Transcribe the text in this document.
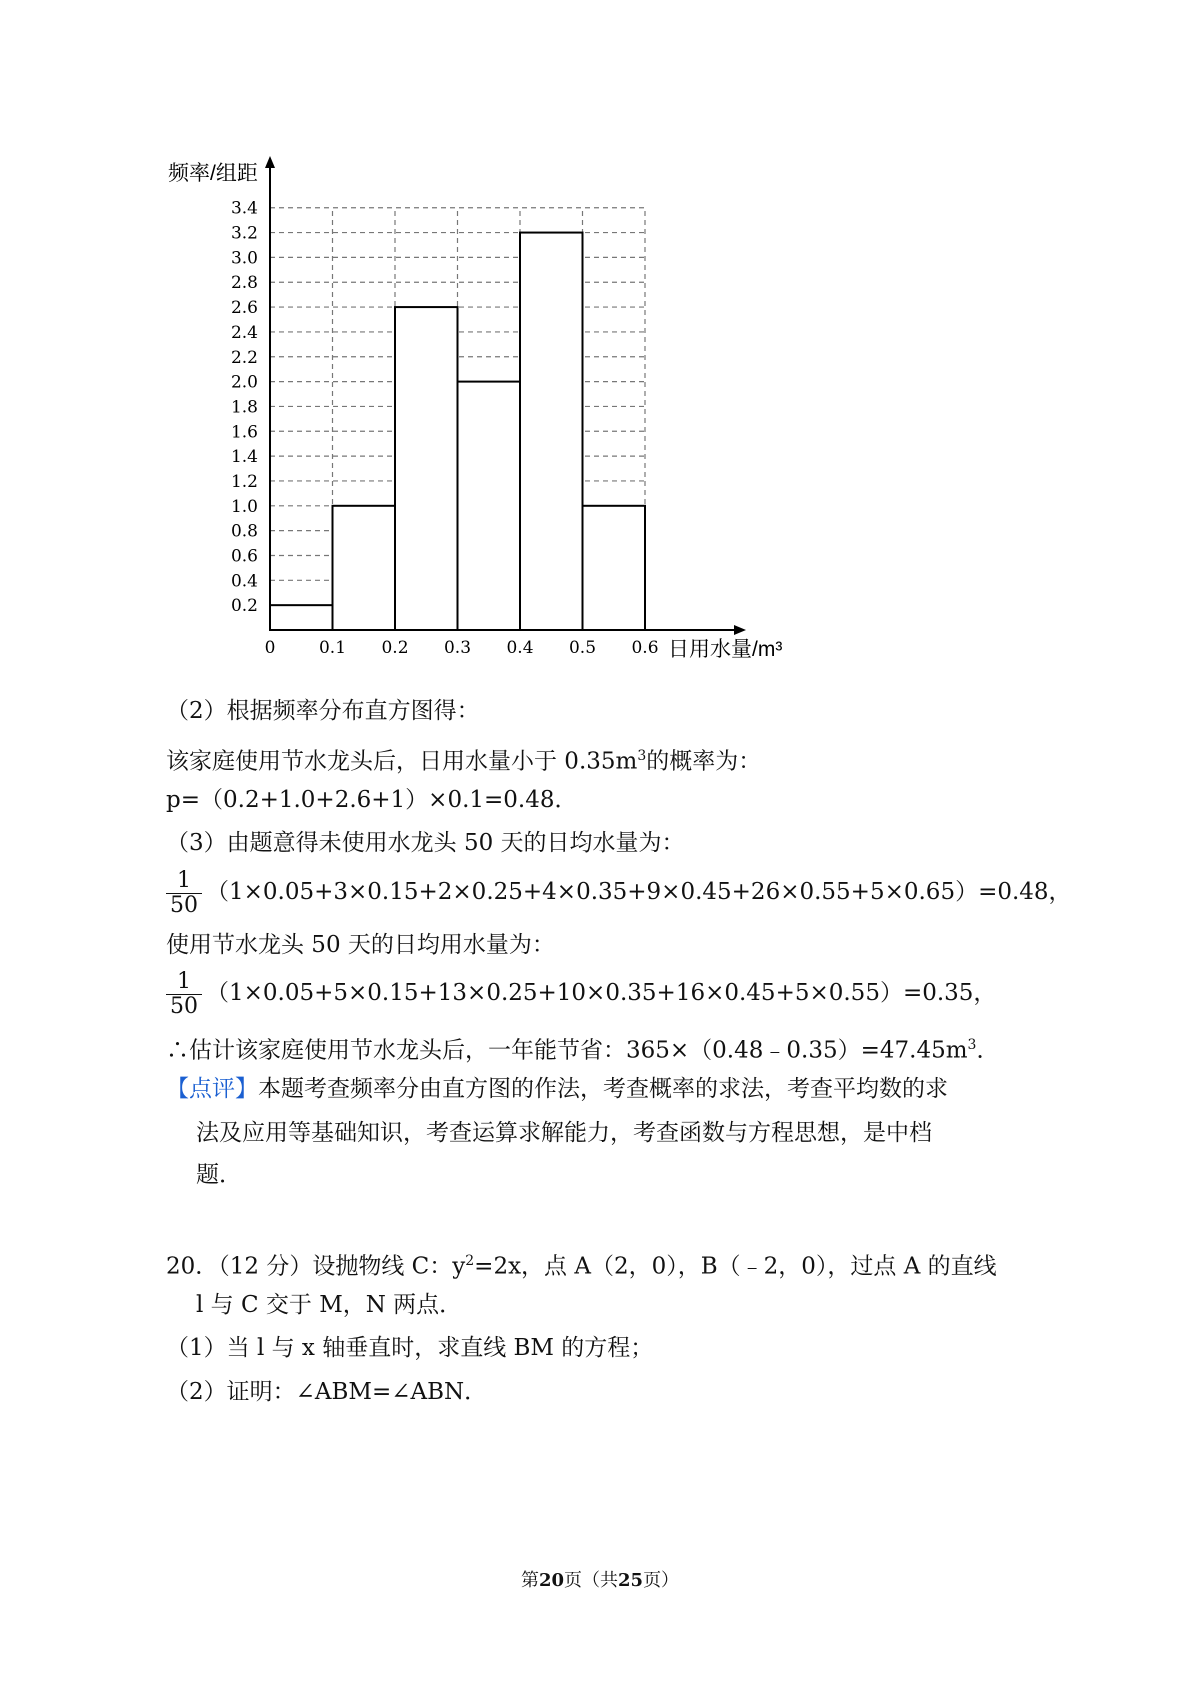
0.2
0.4
0.6
0.8
1.0
1.2
1.4
1.6
1.8
2.0
2.2
2.4
2.6
2.8
3.0
3.2
3.4
0	0.1 0.2 0.3 0.4 0.5 0.6
频率/组距
日用水量/m³
（2）根据频率分布直方图得：
该家庭使用节水龙头后，日用水量小于 $0.35m^3$的概率为：
p=（0.2+1.0+2.6+1）×0.1=0.48．
（3）由题意得未使用水龙头 50 天的日均水量为：
$\frac{1}{50} (1\times 0.05+3\times 0.15+2\times 0.25+4\times 0.35+9\times 0.45+26\times 0.55+5\times 0.65)=0.48$，
使用节水龙头 50 天的日均用水量为：
$\frac{1}{50} (1\times 0.05+5\times 0.15+13\times 0.25+10\times 0.35+16\times 0.45+5\times 0.55)=0.35$，
∴估计该家庭使用节水龙头后，一年能节省：$365\times(0.48﹣0.35)=47.45m^3$．
【点评】本题考查频率分由直方图的作法，考查概率的求法，考查平均数的求
法及应用等基础知识，考查运算求解能力，考查函数与方程思想，是中档
题．
20．（12 分）设抛物线 C：$y^2=2x$，点 A（2，0），B（﹣2，0），过点 A 的直线
l 与 C 交于 M，N 两点．
（1）当 l 与 x 轴垂直时，求直线 BM 的方程；
（2）证明：∠ABM=∠ABN．
第20页（共25页）
